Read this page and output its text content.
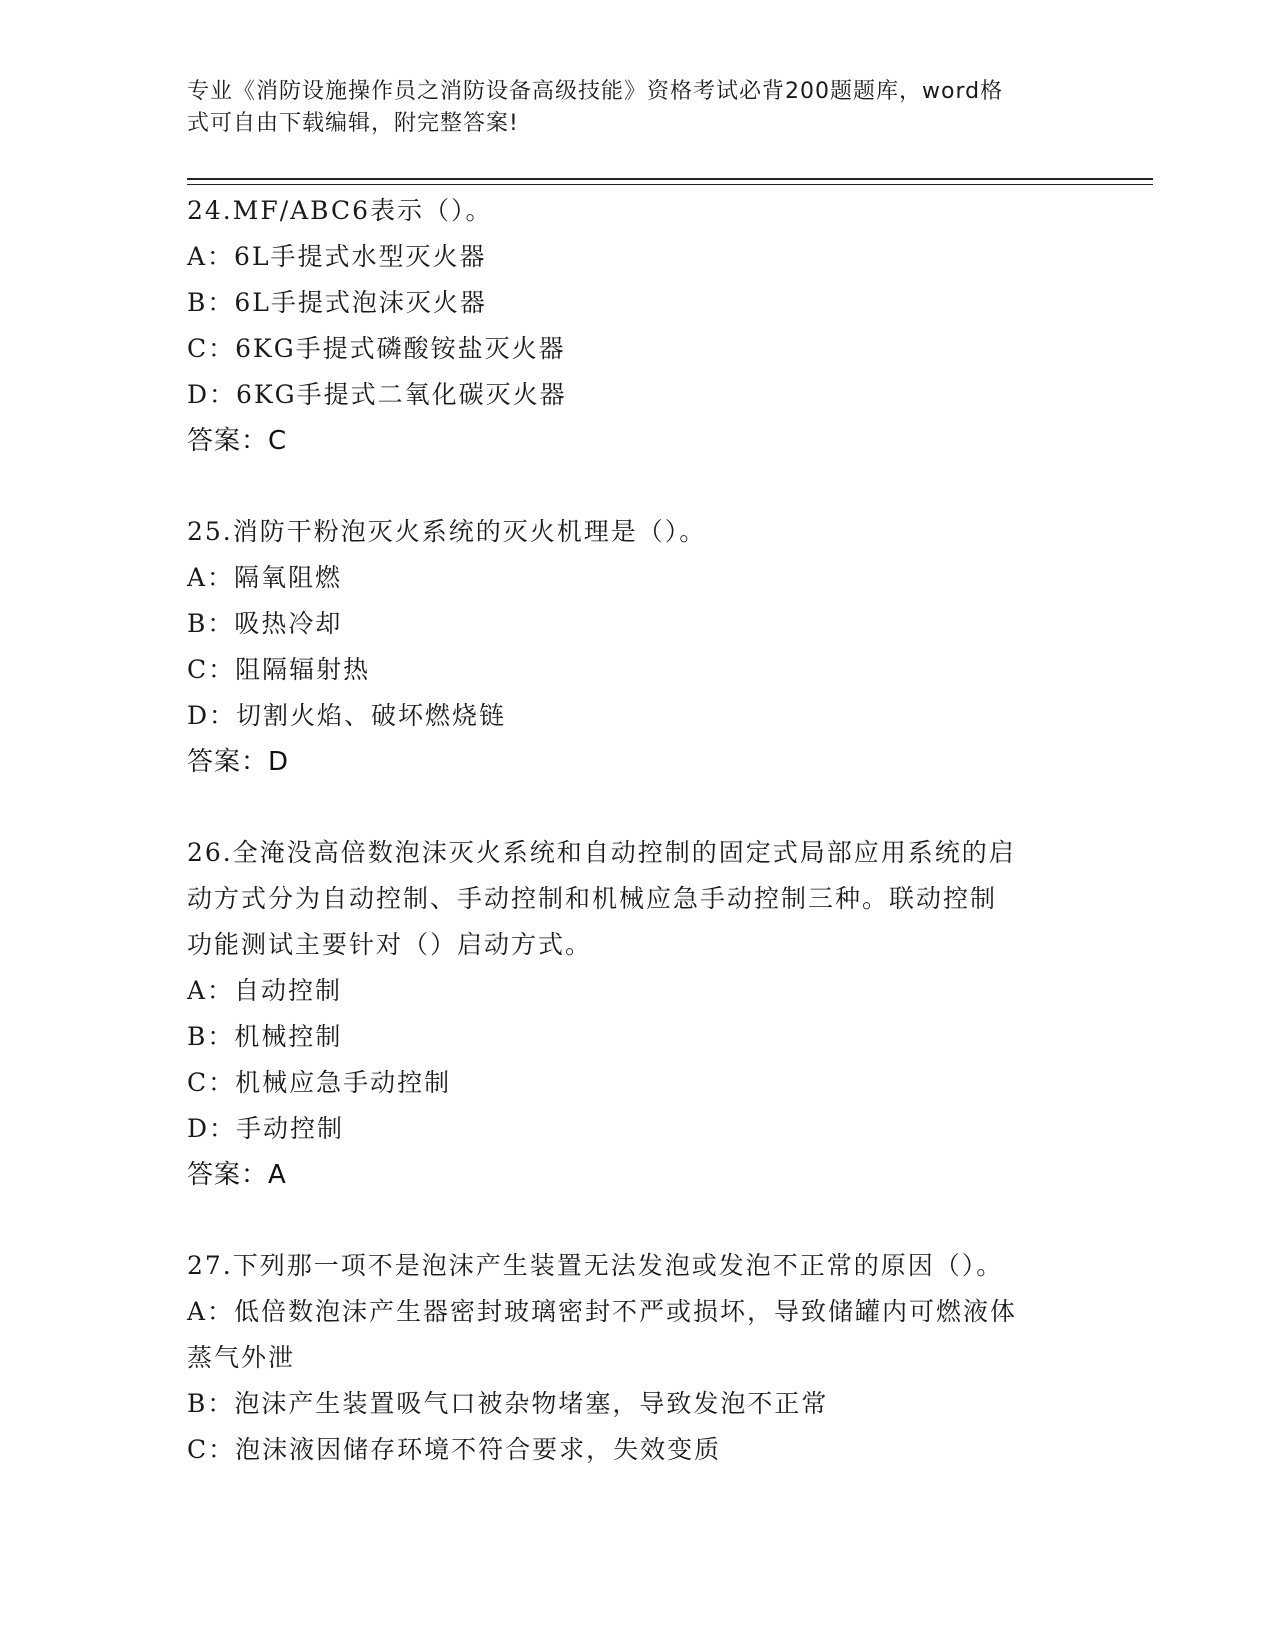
专业《消防设施操作员之消防设备高级技能》资格考试必背200题题库，word格
式可自由下载编辑，附完整答案!
24.MF/ABC6表示（）。
A：6L手提式水型灭火器
B：6L手提式泡沫灭火器
C：6KG手提式磷酸铵盐灭火器
D：6KG手提式二氧化碳灭火器
答案：C
25.消防干粉泡灭火系统的灭火机理是（）。
A：隔氧阻燃
B：吸热冷却
C：阻隔辐射热
D：切割火焰、破坏燃烧链
答案：D
26.全淹没高倍数泡沫灭火系统和自动控制的固定式局部应用系统的启
动方式分为自动控制、手动控制和机械应急手动控制三种。联动控制
功能测试主要针对（）启动方式。
A：自动控制
B：机械控制
C：机械应急手动控制
D：手动控制
答案：A
27.下列那一项不是泡沫产生装置无法发泡或发泡不正常的原因（）。
A：低倍数泡沫产生器密封玻璃密封不严或损坏，导致储罐内可燃液体
蒸气外泄
B：泡沫产生装置吸气口被杂物堵塞，导致发泡不正常
C：泡沫液因储存环境不符合要求，失效变质
